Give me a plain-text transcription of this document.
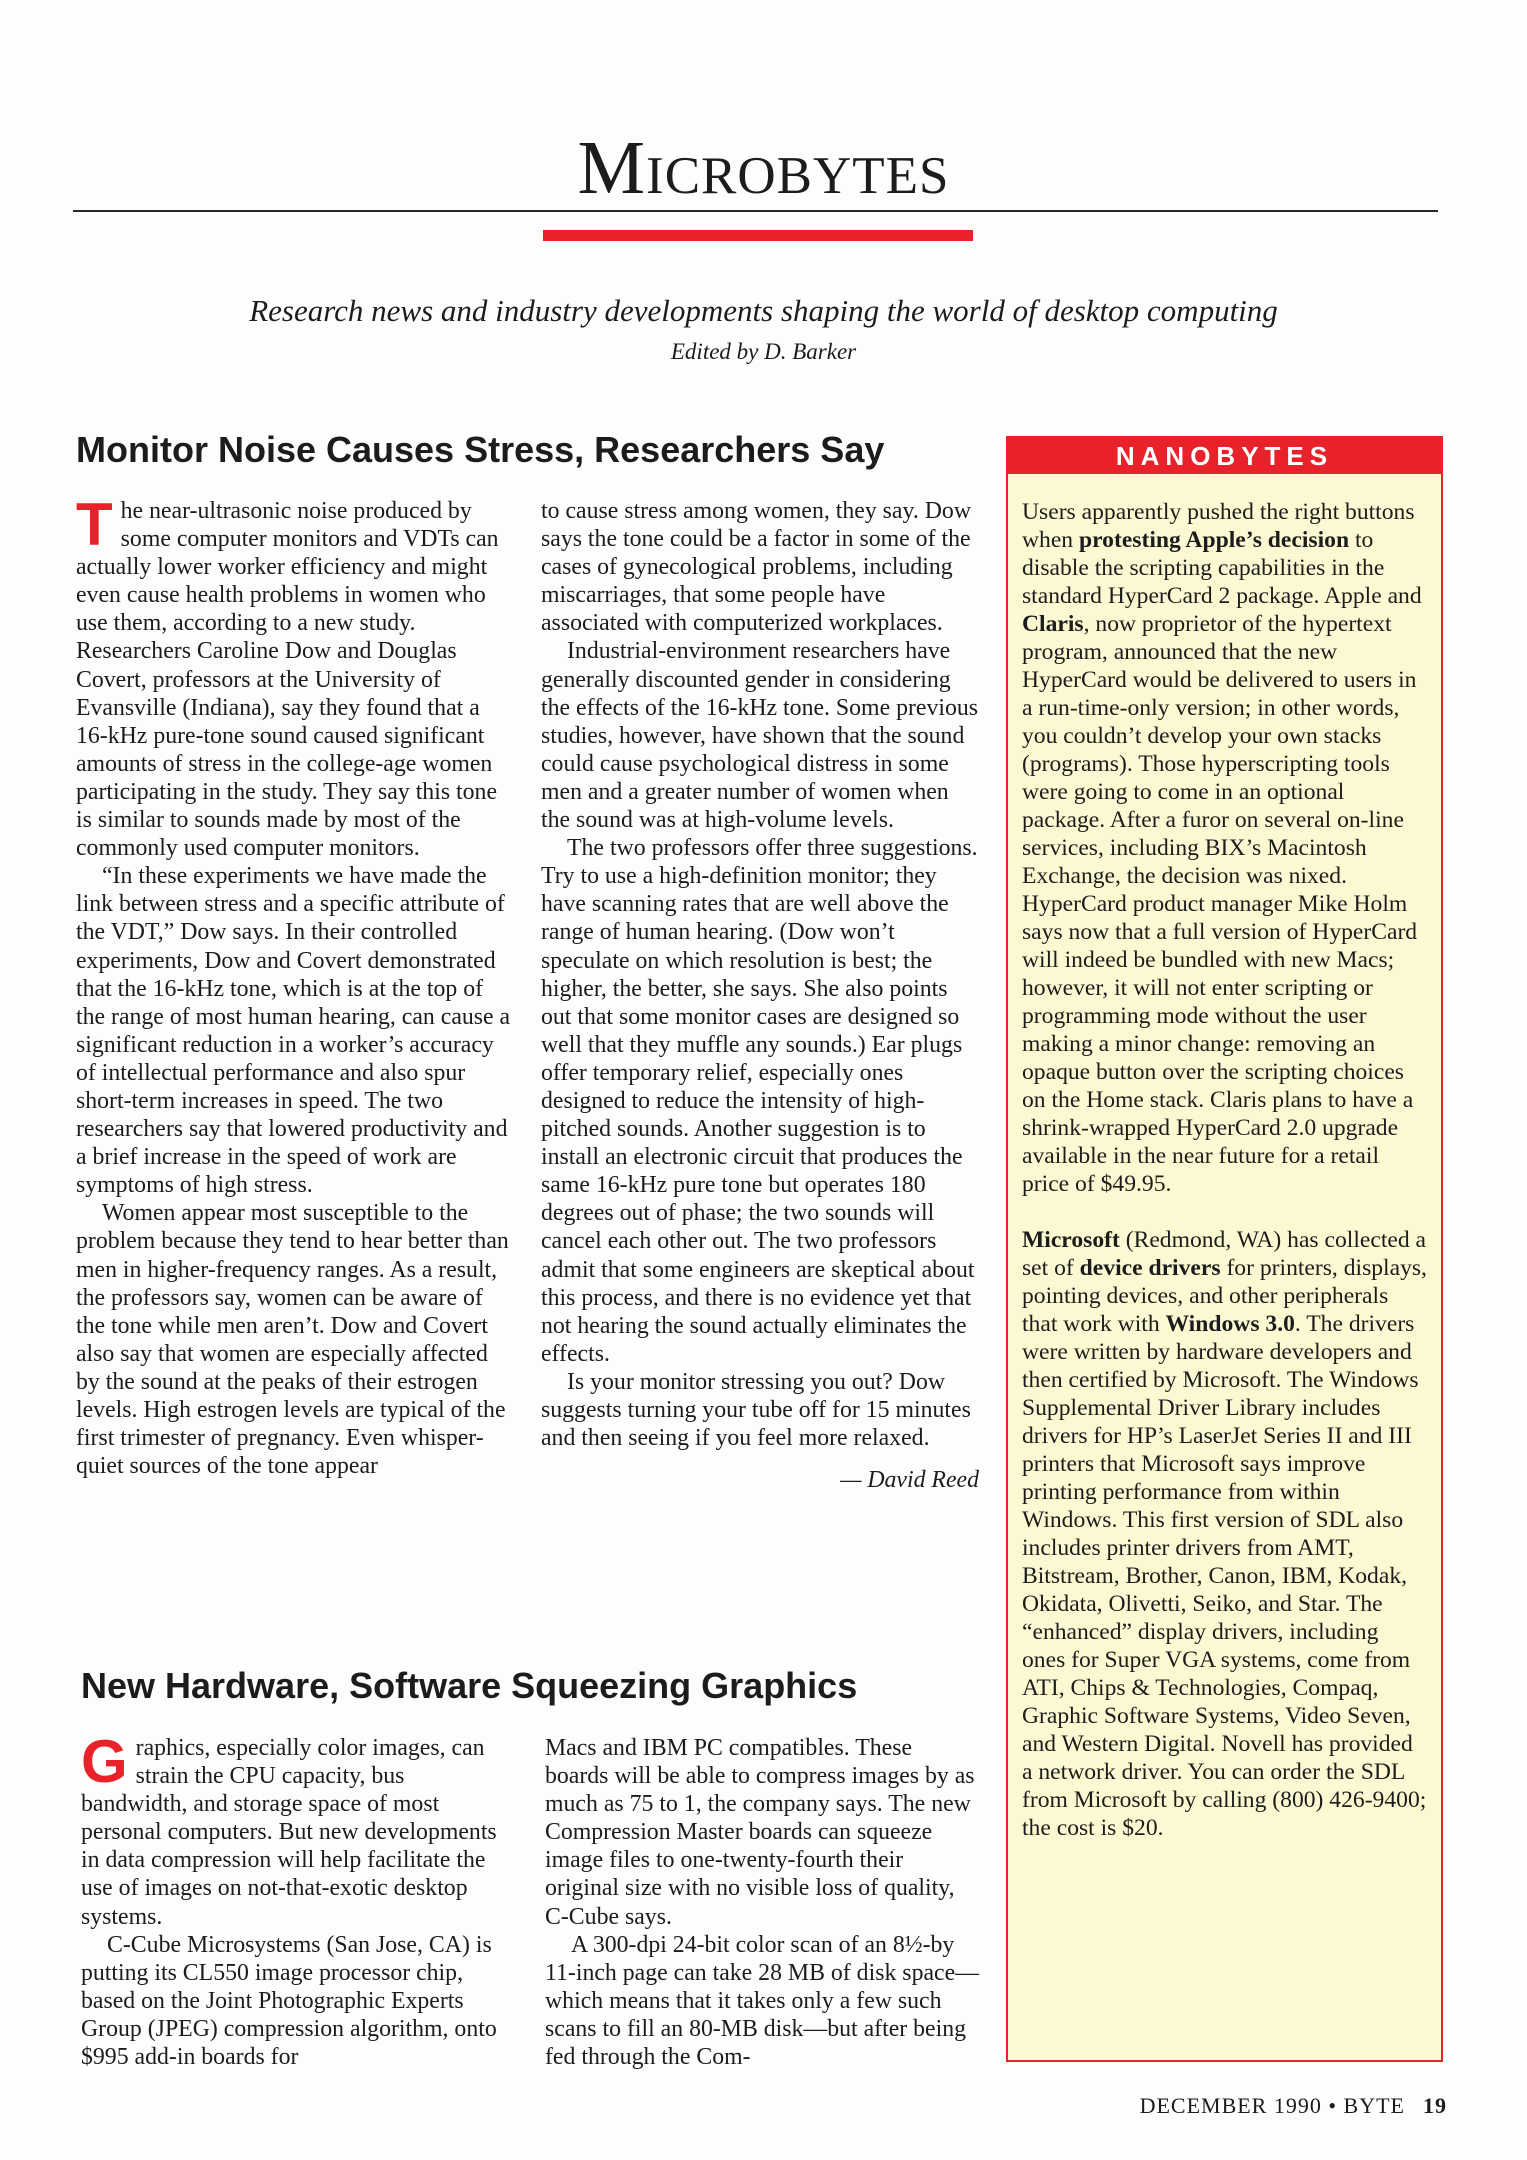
Microbytes
Research news and industry developments shaping the world of desktop computing
Edited by D. Barker
Monitor Noise Causes Stress, Researchers Say

The near-ultrasonic noise produced by some computer monitors and VDTs can actually lower worker efficiency and might even cause health problems in women who use them, according to a new study. Researchers Caroline Dow and Douglas Covert, professors at the University of Evansville (Indiana), say they found that a 16-kHz pure-tone sound caused significant amounts of stress in the college-age women participating in the study. They say this tone is similar to sounds made by most of the commonly used computer monitors.

“In these experiments we have made the link between stress and a specific attribute of the VDT,” Dow says. In their controlled experiments, Dow and Covert demonstrated that the 16-kHz tone, which is at the top of the range of most human hearing, can cause a significant reduction in a worker’s accuracy of intellectual performance and also spur short-term increases in speed. The two researchers say that lowered productivity and a brief increase in the speed of work are symptoms of high stress.

Women appear most susceptible to the problem because they tend to hear better than men in higher-frequency ranges. As a result, the professors say, women can be aware of the tone while men aren’t. Dow and Covert also say that women are especially affected by the sound at the peaks of their estrogen levels. High estrogen levels are typical of the first trimester of pregnancy. Even whisper-quiet sources of the tone appear

to cause stress among women, they say. Dow says the tone could be a factor in some of the cases of gynecological problems, including miscarriages, that some people have associated with computerized workplaces.

Industrial-environment researchers have generally discounted gender in considering the effects of the 16-kHz tone. Some previous studies, however, have shown that the sound could cause psychological distress in some men and a greater number of women when the sound was at high-volume levels.

The two professors offer three suggestions. Try to use a high-definition monitor; they have scanning rates that are well above the range of human hearing. (Dow won’t speculate on which resolution is best; the higher, the better, she says. She also points out that some monitor cases are designed so well that they muffle any sounds.) Ear plugs offer temporary relief, especially ones designed to reduce the intensity of high-pitched sounds. Another suggestion is to install an electronic circuit that produces the same 16-kHz pure tone but operates 180 degrees out of phase; the two sounds will cancel each other out. The two professors admit that some engineers are skeptical about this process, and there is no evidence yet that not hearing the sound actually eliminates the effects.

Is your monitor stressing you out? Dow suggests turning your tube off for 15 minutes and then seeing if you feel more relaxed.

— David Reed
New Hardware, Software Squeezing Graphics

Graphics, especially color images, can strain the CPU capacity, bus bandwidth, and storage space of most personal computers. But new developments in data compression will help facilitate the use of images on not-that-exotic desktop systems.

C-Cube Microsystems (San Jose, CA) is putting its CL550 image processor chip, based on the Joint Photographic Experts Group (JPEG) compression algorithm, onto $995 add-in boards for

Macs and IBM PC compatibles. These boards will be able to compress images by as much as 75 to 1, the company says. The new Compression Master boards can squeeze image files to one-twenty-fourth their original size with no visible loss of quality, C-Cube says.

A 300-dpi 24-bit color scan of an 8½-by 11-inch page can take 28 MB of disk space—which means that it takes only a few such scans to fill an 80-MB disk—but after being fed through the Com-

NANOBYTES

Users apparently pushed the right buttons when protesting Apple’s decision to disable the scripting capabilities in the standard HyperCard 2 package. Apple and Claris, now proprietor of the hypertext program, announced that the new HyperCard would be delivered to users in a run-time-only version; in other words, you couldn’t develop your own stacks (programs). Those hyperscripting tools were going to come in an optional package. After a furor on several on-line services, including BIX’s Macintosh Exchange, the decision was nixed. HyperCard product manager Mike Holm says now that a full version of HyperCard will indeed be bundled with new Macs; however, it will not enter scripting or programming mode without the user making a minor change: removing an opaque button over the scripting choices on the Home stack. Claris plans to have a shrink-wrapped HyperCard 2.0 upgrade available in the near future for a retail price of $49.95.

Microsoft (Redmond, WA) has collected a set of device drivers for printers, displays, pointing devices, and other peripherals that work with Windows 3.0. The drivers were written by hardware developers and then certified by Microsoft. The Windows Supplemental Driver Library includes drivers for HP’s LaserJet Series II and III printers that Microsoft says improve printing performance from within Windows. This first version of SDL also includes printer drivers from AMT, Bitstream, Brother, Canon, IBM, Kodak, Okidata, Olivetti, Seiko, and Star. The “enhanced” display drivers, including ones for Super VGA systems, come from ATI, Chips & Technologies, Compaq, Graphic Software Systems, Video Seven, and Western Digital. Novell has provided a network driver. You can order the SDL from Microsoft by calling (800) 426-9400; the cost is $20.

DECEMBER 1990 • BYTE 19
